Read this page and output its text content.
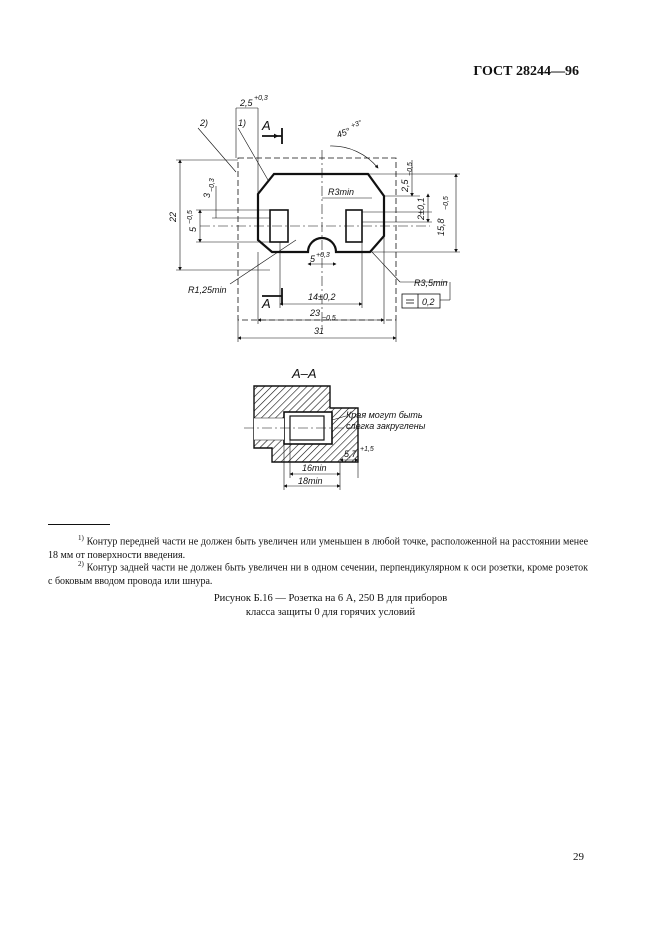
ГОСТ 28244—96
2)	1) A
A
2,5 +0,3
45°
+3°
R3min
R1,25min
R3,5min
22
3
−0,3
5
−0,5
5 +0,3
2,5
−0,5
2±0,1
15,8
−0,5
14±0,2
23
−0,5
31
0,2
A–A
Края могут быть
слегка закруглены
5,7 +1,5
16min
18min
$^{1)}$ Контур передней части не должен быть увеличен или уменьшен в любой точке, расположенной на расстоянии менее 18 мм от поверхности введения.
$^{2)}$ Контур задней части не должен быть увеличен ни в одном сечении, перпендикулярном к оси розетки, кроме розеток с боковым вводом провода или шнура.
Рисунок Б.16 — Розетка на 6 А, 250 В для приборов
класса защиты 0 для горячих условий
29
